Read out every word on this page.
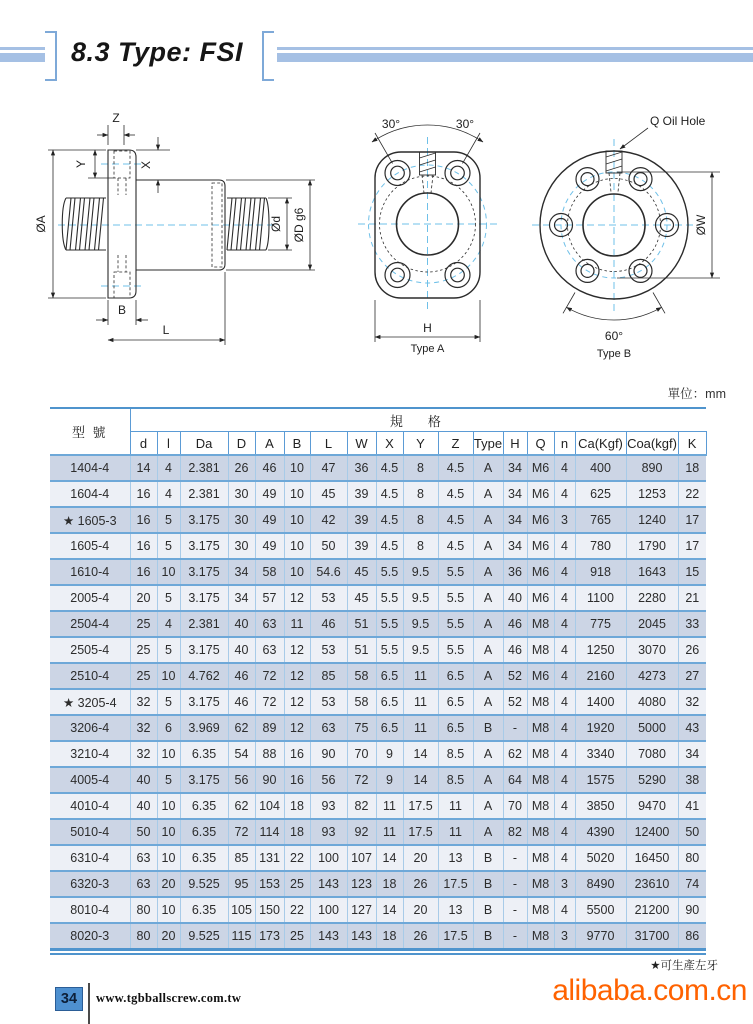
8.3 Type: FSI
Z
Y	X
ØA	Ød ØD g6
B
L
30°	30°
H
Type A
Q Oil Hole
ØW
60°
Type B
單位：mm
型 號	規　格																	
	d	l	Da	D	A	B	L	W	X	Y	Z	Type	H	Q	n	Ca(Kgf)	Coa(kgf)	K
1404-4	14	4	2.381	26	46	10	47	36	4.5	8	4.5	A	34	M6	4	400	890	18
1604-4	16	4	2.381	30	49	10	45	39	4.5	8	4.5	A	34	M6	4	625	1253	22
★ 1605-3	16	5	3.175	30	49	10	42	39	4.5	8	4.5	A	34	M6	3	765	1240	17
1605-4	16	5	3.175	30	49	10	50	39	4.5	8	4.5	A	34	M6	4	780	1790	17
1610-4	16	10	3.175	34	58	10	54.6	45	5.5	9.5	5.5	A	36	M6	4	918	1643	15
2005-4	20	5	3.175	34	57	12	53	45	5.5	9.5	5.5	A	40	M6	4	1100	2280	21
2504-4	25	4	2.381	40	63	11	46	51	5.5	9.5	5.5	A	46	M8	4	775	2045	33
2505-4	25	5	3.175	40	63	12	53	51	5.5	9.5	5.5	A	46	M8	4	1250	3070	26
2510-4	25	10	4.762	46	72	12	85	58	6.5	11	6.5	A	52	M6	4	2160	4273	27
★ 3205-4	32	5	3.175	46	72	12	53	58	6.5	11	6.5	A	52	M8	4	1400	4080	32
3206-4	32	6	3.969	62	89	12	63	75	6.5	11	6.5	B	-	M8	4	1920	5000	43
3210-4	32	10	6.35	54	88	16	90	70	9	14	8.5	A	62	M8	4	3340	7080	34
4005-4	40	5	3.175	56	90	16	56	72	9	14	8.5	A	64	M8	4	1575	5290	38
4010-4	40	10	6.35	62	104	18	93	82	11	17.5	11	A	70	M8	4	3850	9470	41
5010-4	50	10	6.35	72	114	18	93	92	11	17.5	11	A	82	M8	4	4390	12400	50
6310-4	63	10	6.35	85	131	22	100	107	14	20	13	B	-	M8	4	5020	16450	80
6320-3	63	20	9.525	95	153	25	143	123	18	26	17.5	B	-	M8	3	8490	23610	74
8010-4	80	10	6.35	105	150	22	100	127	14	20	13	B	-	M8	4	5500	21200	90
8020-3	80	20	9.525	115	173	25	143	143	18	26	17.5	B	-	M8	3	9770	31700	86
★可生產左牙
34	www.tgbballscrew.com.tw	alibaba.com.cn
